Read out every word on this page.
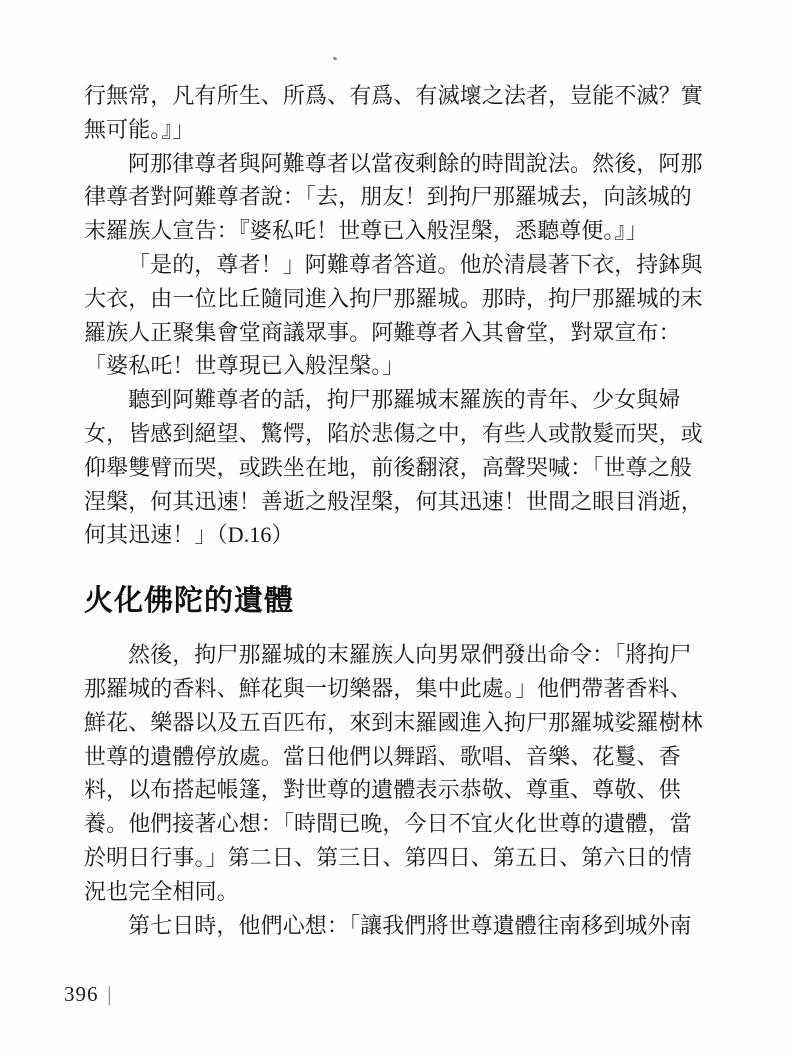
行無常，凡有所生、所爲、有爲、有滅壞之法者，豈能不滅？實
無可能。』」
阿那律尊者與阿難尊者以當夜剩餘的時間說法。然後，阿那
律尊者對阿難尊者說：「去，朋友！到拘尸那羅城去，向該城的
末羅族人宣告：『婆私吒！世尊已入般涅槃，悉聽尊便。』」
「是的，尊者！」阿難尊者答道。他於清晨著下衣，持鉢與
大衣，由一位比丘隨同進入拘尸那羅城。那時，拘尸那羅城的末
羅族人正聚集會堂商議眾事。阿難尊者入其會堂，對眾宣布：
「婆私吒！世尊現已入般涅槃。」
聽到阿難尊者的話，拘尸那羅城末羅族的青年、少女與婦
女，皆感到絕望、驚愕，陷於悲傷之中，有些人或散髮而哭，或
仰舉雙臂而哭，或跌坐在地，前後翻滾，高聲哭喊：「世尊之般
涅槃，何其迅速！善逝之般涅槃，何其迅速！世間之眼目消逝，
何其迅速！」（D.16）
火化佛陀的遺體
然後，拘尸那羅城的末羅族人向男眾們發出命令：「將拘尸
那羅城的香料、鮮花與一切樂器，集中此處。」他們帶著香料、
鮮花、樂器以及五百匹布，來到末羅國進入拘尸那羅城娑羅樹林
世尊的遺體停放處。當日他們以舞蹈、歌唱、音樂、花鬘、香
料，以布搭起帳篷，對世尊的遺體表示恭敬、尊重、尊敬、供
養。他們接著心想：「時間已晚，今日不宜火化世尊的遺體，當
於明日行事。」第二日、第三日、第四日、第五日、第六日的情
況也完全相同。
第七日時，他們心想：「讓我們將世尊遺體往南移到城外南
396 |
